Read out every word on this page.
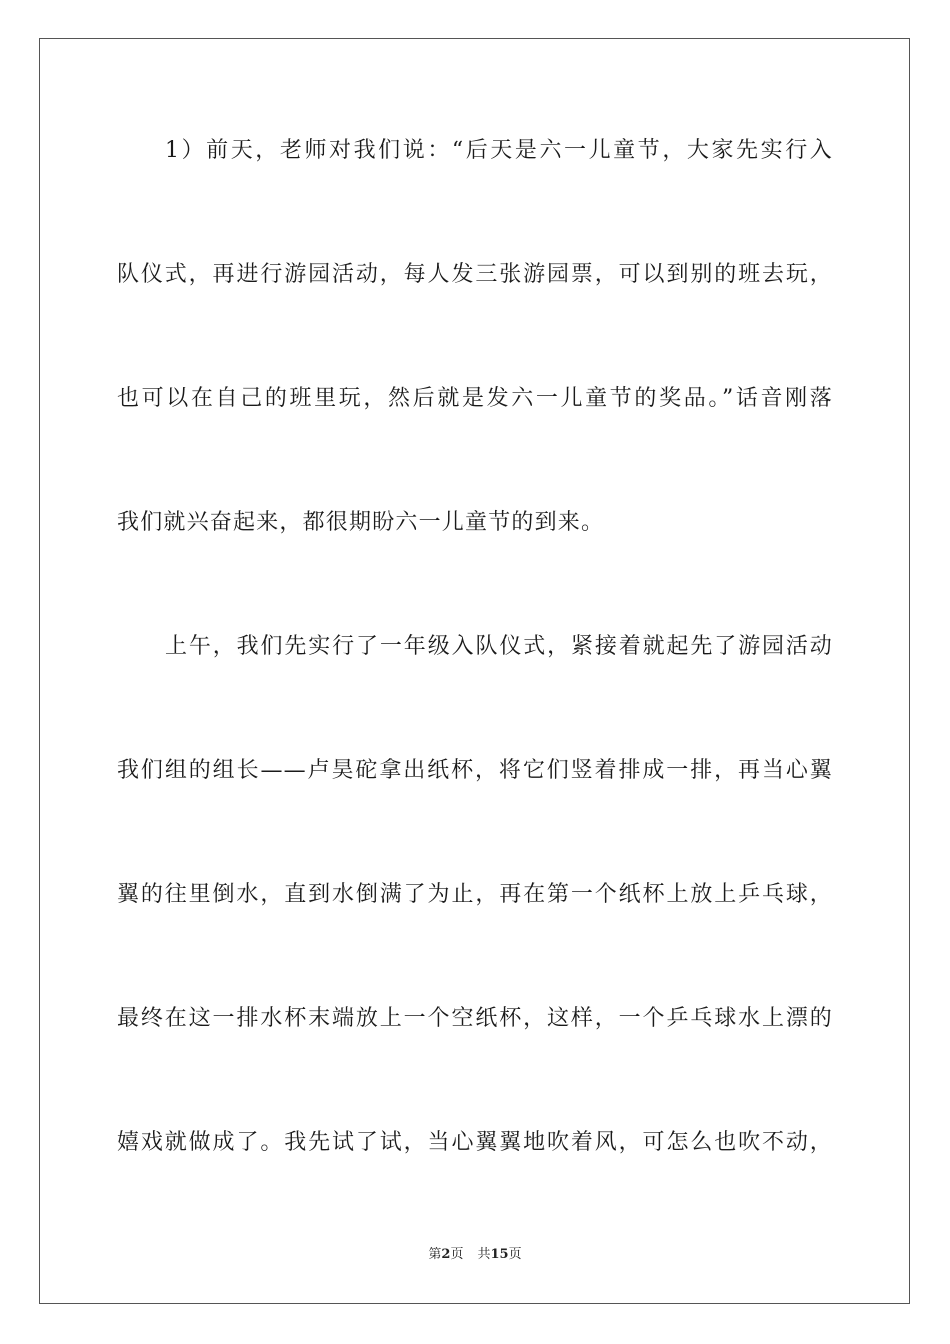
1）前天，老师对我们说：“后天是六一儿童节，大家先实行入
队仪式，再进行游园活动，每人发三张游园票，可以到别的班去玩，
也可以在自己的班里玩，然后就是发六一儿童节的奖品。”话音刚落
我们就兴奋起来，都很期盼六一儿童节的到来。
上午，我们先实行了一年级入队仪式，紧接着就起先了游园活动
我们组的组长——卢昊砣拿出纸杯，将它们竖着排成一排，再当心翼
翼的往里倒水，直到水倒满了为止，再在第一个纸杯上放上乒乓球，
最终在这一排水杯末端放上一个空纸杯，这样，一个乒乓球水上漂的
嬉戏就做成了。我先试了试，当心翼翼地吹着风，可怎么也吹不动，
第2页 共15页
